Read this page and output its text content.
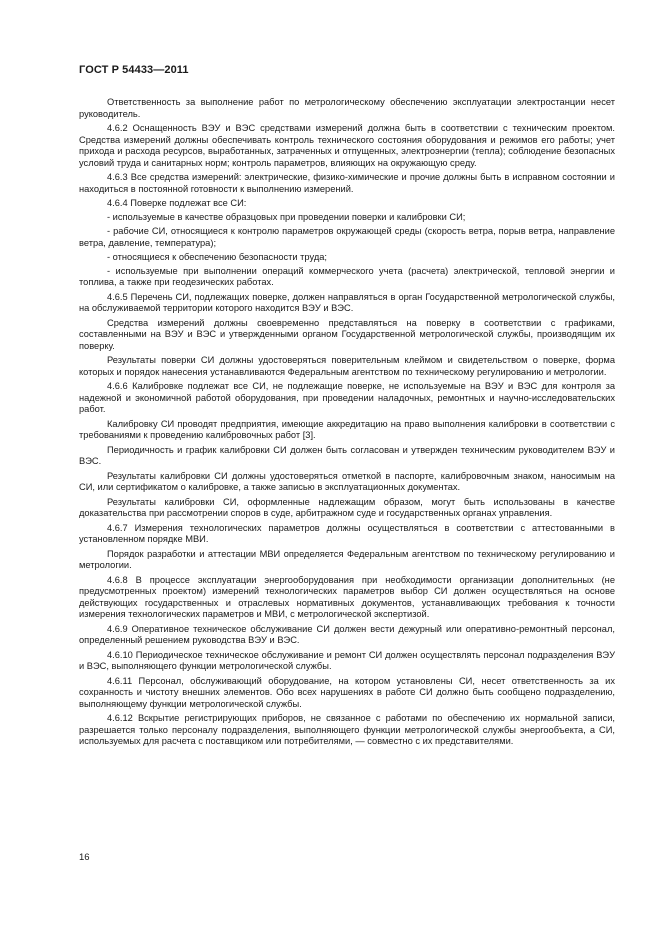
ГОСТ Р 54433—2011

Ответственность за выполнение работ по метрологическому обеспечению эксплуатации электростанции несет руководитель.

4.6.2 Оснащенность ВЭУ и ВЭС средствами измерений должна быть в соответствии с техническим проектом. Средства измерений должны обеспечивать контроль технического состояния оборудования и режимов его работы; учет прихода и расхода ресурсов, выработанных, затраченных и отпущенных, электроэнергии (тепла); соблюдение безопасных условий труда и санитарных норм; контроль параметров, влияющих на окружающую среду.

4.6.3 Все средства измерений: электрические, физико-химические и прочие должны быть в исправном состоянии и находиться в постоянной готовности к выполнению измерений.

4.6.4 Поверке подлежат все СИ:

- используемые в качестве образцовых при проведении поверки и калибровки СИ;

- рабочие СИ, относящиеся к контролю параметров окружающей среды (скорость ветра, порыв ветра, направление ветра, давление, температура);

- относящиеся к обеспечению безопасности труда;

- используемые при выполнении операций коммерческого учета (расчета) электрической, тепловой энергии и топлива, а также при геодезических работах.

4.6.5 Перечень СИ, подлежащих поверке, должен направляться в орган Государственной метрологической службы, на обслуживаемой территории которого находится ВЭУ и ВЭС.

Средства измерений должны своевременно представляться на поверку в соответствии с графиками, составленными на ВЭУ и ВЭС и утвержденными органом Государственной метрологической службы, производящим их поверку.

Результаты поверки СИ должны удостоверяться поверительным клеймом и свидетельством о поверке, форма которых и порядок нанесения устанавливаются Федеральным агентством по техническому регулированию и метрологии.

4.6.6 Калибровке подлежат все СИ, не подлежащие поверке, не используемые на ВЭУ и ВЭС для контроля за надежной и экономичной работой оборудования, при проведении наладочных, ремонтных и научно-исследовательских работ.

Калибровку СИ проводят предприятия, имеющие аккредитацию на право выполнения калибровки в соответствии с требованиями к проведению калибровочных работ [3].

Периодичность и график калибровки СИ должен быть согласован и утвержден техническим руководителем ВЭУ и ВЭС.

Результаты калибровки СИ должны удостоверяться отметкой в паспорте, калибровочным знаком, наносимым на СИ, или сертификатом о калибровке, а также записью в эксплуатационных документах.

Результаты калибровки СИ, оформленные надлежащим образом, могут быть использованы в качестве доказательства при рассмотрении споров в суде, арбитражном суде и государственных органах управления.

4.6.7 Измерения технологических параметров должны осуществляться в соответствии с аттестованными в установленном порядке МВИ.

Порядок разработки и аттестации МВИ определяется Федеральным агентством по техническому регулированию и метрологии.

4.6.8 В процессе эксплуатации энергооборудования при необходимости организации дополнительных (не предусмотренных проектом) измерений технологических параметров выбор СИ должен осуществляться на основе действующих государственных и отраслевых нормативных документов, устанавливающих требования к точности измерения технологических параметров и МВИ, с метрологической экспертизой.

4.6.9 Оперативное техническое обслуживание СИ должен вести дежурный или оперативно-ремонтный персонал, определенный решением руководства ВЭУ и ВЭС.

4.6.10 Периодическое техническое обслуживание и ремонт СИ должен осуществлять персонал подразделения ВЭУ и ВЭС, выполняющего функции метрологической службы.

4.6.11 Персонал, обслуживающий оборудование, на котором установлены СИ, несет ответственность за их сохранность и чистоту внешних элементов. Обо всех нарушениях в работе СИ должно быть сообщено подразделению, выполняющему функции метрологической службы.

4.6.12 Вскрытие регистрирующих приборов, не связанное с работами по обеспечению их нормальной записи, разрешается только персоналу подразделения, выполняющего функции метрологической службы энергообъекта, а СИ, используемых для расчета с поставщиком или потребителями, — совместно с их представителями.

16
